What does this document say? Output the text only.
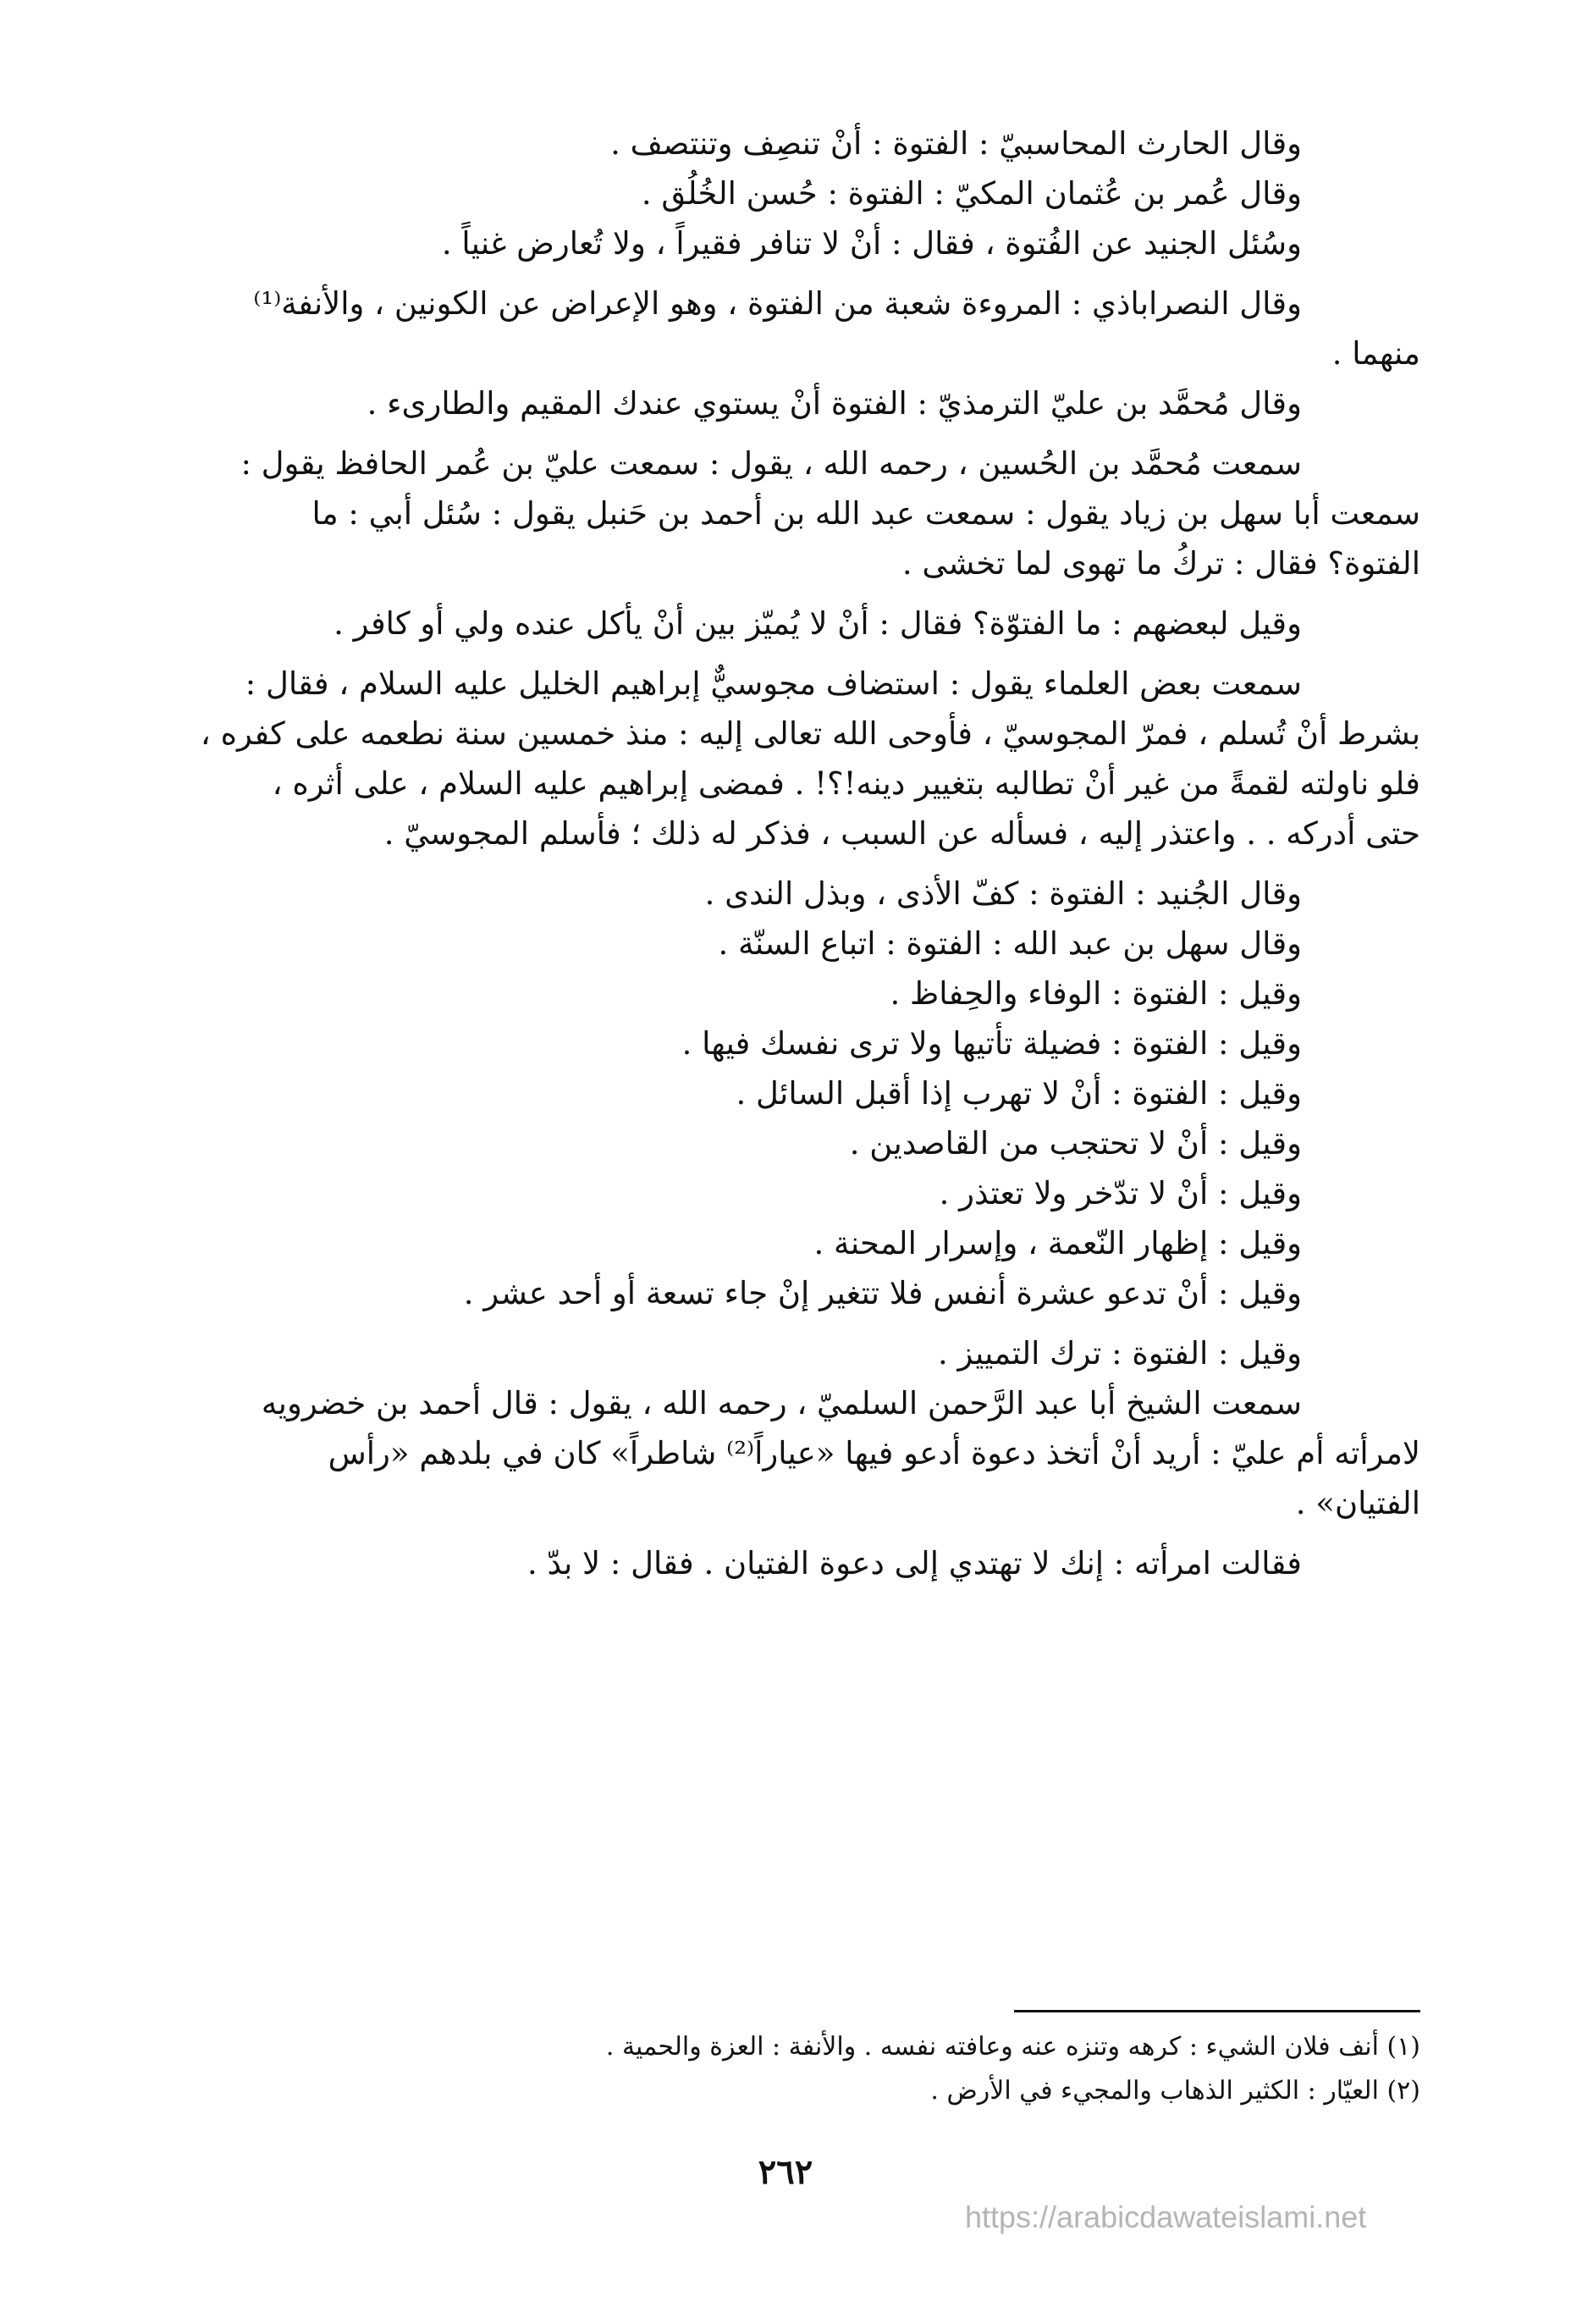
وقال الحارث المحاسبيّ : الفتوة : أنْ تنصِف وتنتصف .
وقال عُمر بن عُثمان المكيّ : الفتوة : حُسن الخُلُق .
وسُئل الجنيد عن الفُتوة ، فقال : أنْ لا تنافر فقيراً ، ولا تُعارض غنياً .
وقال النصراباذي : المروءة شعبة من الفتوة ، وهو الإعراض عن الكونين ، والأنفة⁽¹⁾
منهما .
وقال مُحمَّد بن عليّ الترمذيّ : الفتوة أنْ يستوي عندك المقيم والطارىء .
سمعت مُحمَّد بن الحُسين ، رحمه الله ، يقول : سمعت عليّ بن عُمر الحافظ يقول :
سمعت أبا سهل بن زياد يقول : سمعت عبد الله بن أحمد بن حَنبل يقول : سُئل أبي : ما
الفتوة؟ فقال : تركُ ما تهوى لما تخشى .
وقيل لبعضهم : ما الفتوّة؟ فقال : أنْ لا يُميّز بين أنْ يأكل عنده ولي أو كافر .
سمعت بعض العلماء يقول : استضاف مجوسيٌّ إبراهيم الخليل عليه السلام ، فقال :
بشرط أنْ تُسلم ، فمرّ المجوسيّ ، فأوحى الله تعالى إليه : منذ خمسين سنة نطعمه على كفره ،
فلو ناولته لقمةً من غير أنْ تطالبه بتغيير دينه!؟! . فمضى إبراهيم عليه السلام ، على أثره ،
حتى أدركه . . واعتذر إليه ، فسأله عن السبب ، فذكر له ذلك ؛ فأسلم المجوسيّ .
وقال الجُنيد : الفتوة : كفّ الأذى ، وبذل الندى .
وقال سهل بن عبد الله : الفتوة : اتباع السنّة .
وقيل : الفتوة : الوفاء والحِفاظ .
وقيل : الفتوة : فضيلة تأتيها ولا ترى نفسك فيها .
وقيل : الفتوة : أنْ لا تهرب إذا أقبل السائل .
وقيل : أنْ لا تحتجب من القاصدين .
وقيل : أنْ لا تدّخر ولا تعتذر .
وقيل : إظهار النّعمة ، وإسرار المحنة .
وقيل : أنْ تدعو عشرة أنفس فلا تتغير إنْ جاء تسعة أو أحد عشر .
وقيل : الفتوة : ترك التمييز .
سمعت الشيخ أبا عبد الرَّحمن السلميّ ، رحمه الله ، يقول : قال أحمد بن خضرويه
لامرأته أم عليّ : أريد أنْ أتخذ دعوة أدعو فيها «عياراً⁽²⁾ شاطراً» كان في بلدهم «رأس
الفتيان» .
فقالت امرأته : إنك لا تهتدي إلى دعوة الفتيان . فقال : لا بدّ .

(١) أنف فلان الشيء : كرهه وتنزه عنه وعافته نفسه . والأنفة : العزة والحمية .

(٢) العيّار : الكثير الذهاب والمجيء في الأرض .

٢٦٢
https://arabicdawateislami.net
